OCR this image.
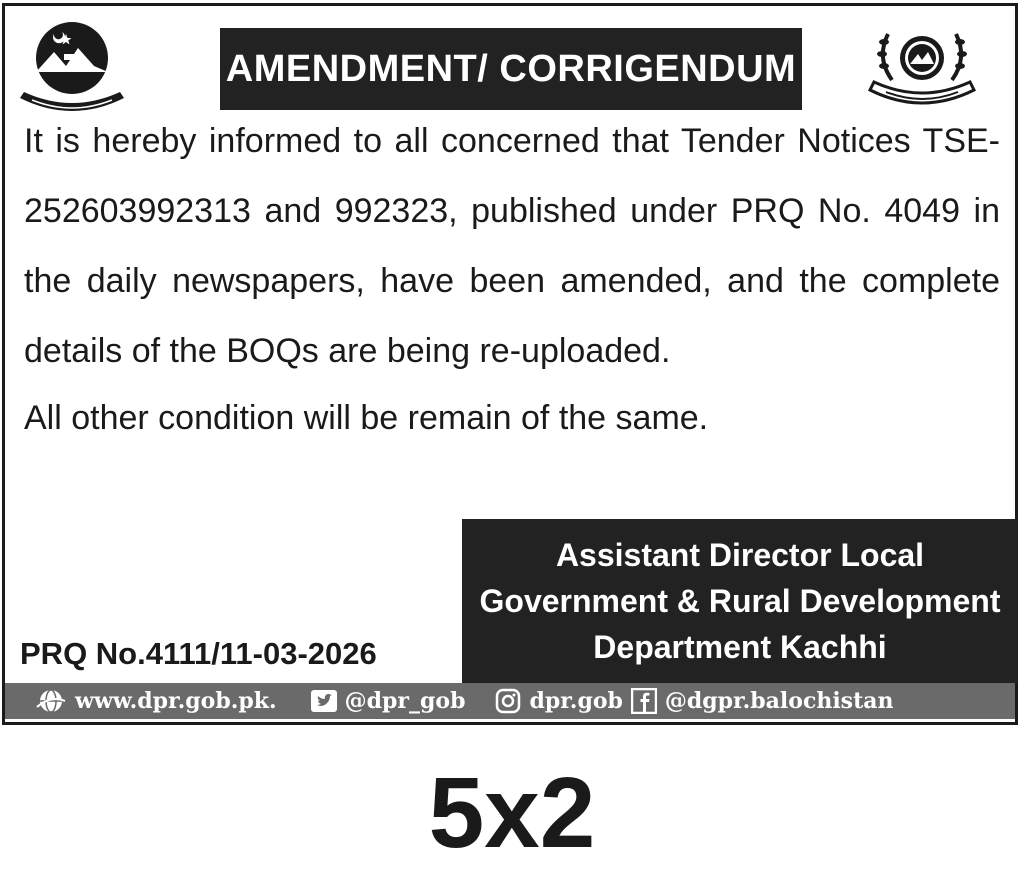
AMENDMENT/ CORRIGENDUM

It is hereby informed to all concerned that Tender Notices TSE-252603992313 and 992323, published under PRQ No. 4049 in the daily newspapers, have been amended, and the complete details of the BOQs are being re-uploaded.

All other condition will be remain of the same.
Assistant Director Local
Government & Rural Development
Department Kachhi
PRQ No.4111/11-03-2026
www.dpr.gob.pk.	@dpr_gob	dpr.gob @dgpr.balochistan
5x2
